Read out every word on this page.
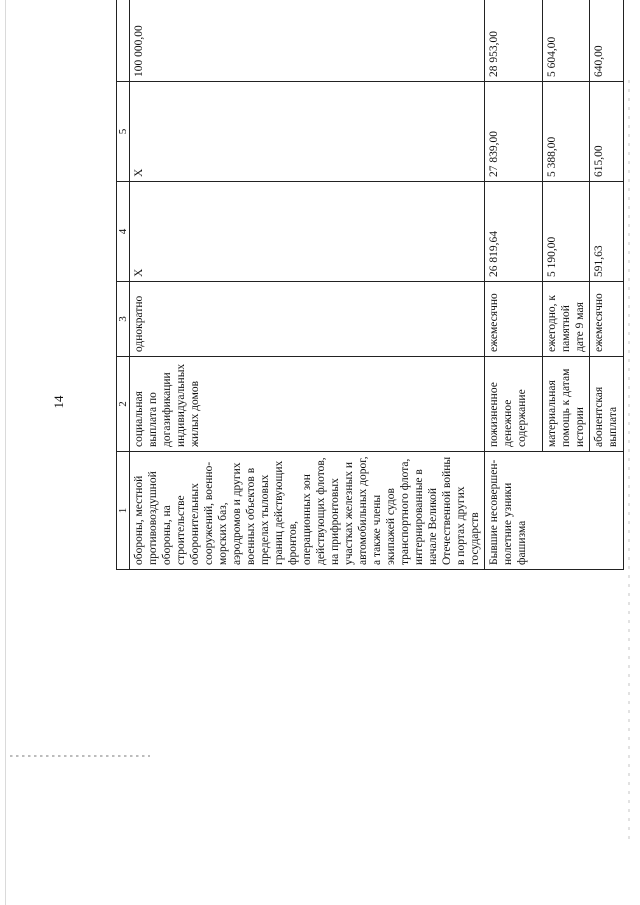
14
1	2	3	4	5	
обороны, местной противовоздушной обороны, на строительстве оборонительных сооружений, военно-морских баз, аэродромов и других военных объектов в пределах тыловых границ действующих фронтов, операционных зон действующих флотов, на прифронтовых участках железных и автомобильных дорог, а также члены экипажей судов транспортного флота, интернированные в начале Великой Отечественной войны в портах других государств	социальная выплата по догазификации индивидуальных жилых домов	однократно	X	X	100 000,00
Бывшие несовершен-нолетние узники фашизма	пожизненное денежное содержание	ежемесячно	26 819,64	27 839,00	28 953,00
	материальная помощь к датам истории	ежегодно, к памятной дате 9 мая	5 190,00	5 388,00	5 604,00
	абонентская выплата	ежемесячно	591,63	615,00	640,00
